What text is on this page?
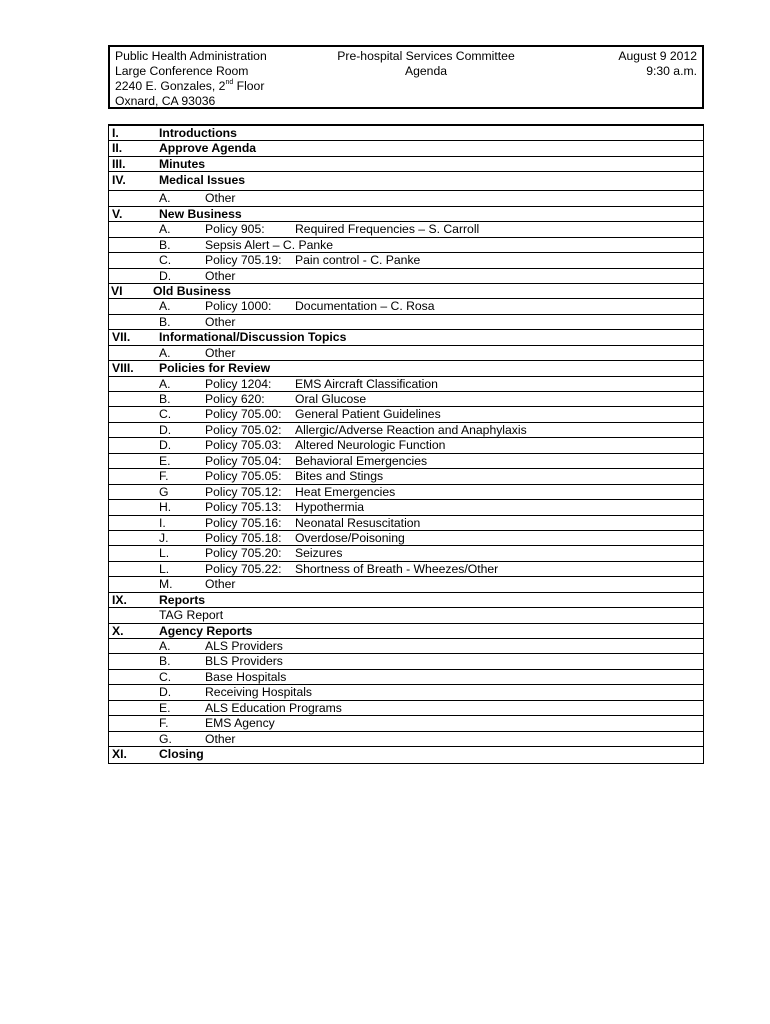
Public Health Administration
Large Conference Room
2240 E. Gonzales, 2nd Floor
Oxnard, CA 93036
Pre-hospital Services Committee
Agenda
August 9 2012
9:30 a.m.
I.	Introductions
II.	Approve Agenda
III.	Minutes
IV.	Medical Issues
A.	Other
V.	New Business
A.	Policy 905: Required Frequencies – S. Carroll
B.	Sepsis Alert – C. Panke
C.	Policy 705.19: Pain control - C. Panke
D.	Other
VI Old Business
A.	Policy 1000: Documentation – C. Rosa
B.	Other
VII. Informational/Discussion Topics
A.	Other
VIII. Policies for Review
A.	Policy 1204: EMS Aircraft Classification
B.	Policy 620: Oral Glucose
C.	Policy 705.00: General Patient Guidelines
D.	Policy 705.02: Allergic/Adverse Reaction and Anaphylaxis
D.	Policy 705.03: Altered Neurologic Function
E.	Policy 705.04: Behavioral Emergencies
F.	Policy 705.05: Bites and Stings
G	Policy 705.12: Heat Emergencies
H.	Policy 705.13: Hypothermia
I.	Policy 705.16: Neonatal Resuscitation
J.	Policy 705.18: Overdose/Poisoning
L.	Policy 705.20: Seizures
L.	Policy 705.22: Shortness of Breath - Wheezes/Other
M.	Other
IX.	Reports
TAG Report
X.	Agency Reports
A.	ALS Providers
B.	BLS Providers
C.	Base Hospitals
D.	Receiving Hospitals
E.	ALS Education Programs
F.	EMS Agency
G.	Other
XI.	Closing
